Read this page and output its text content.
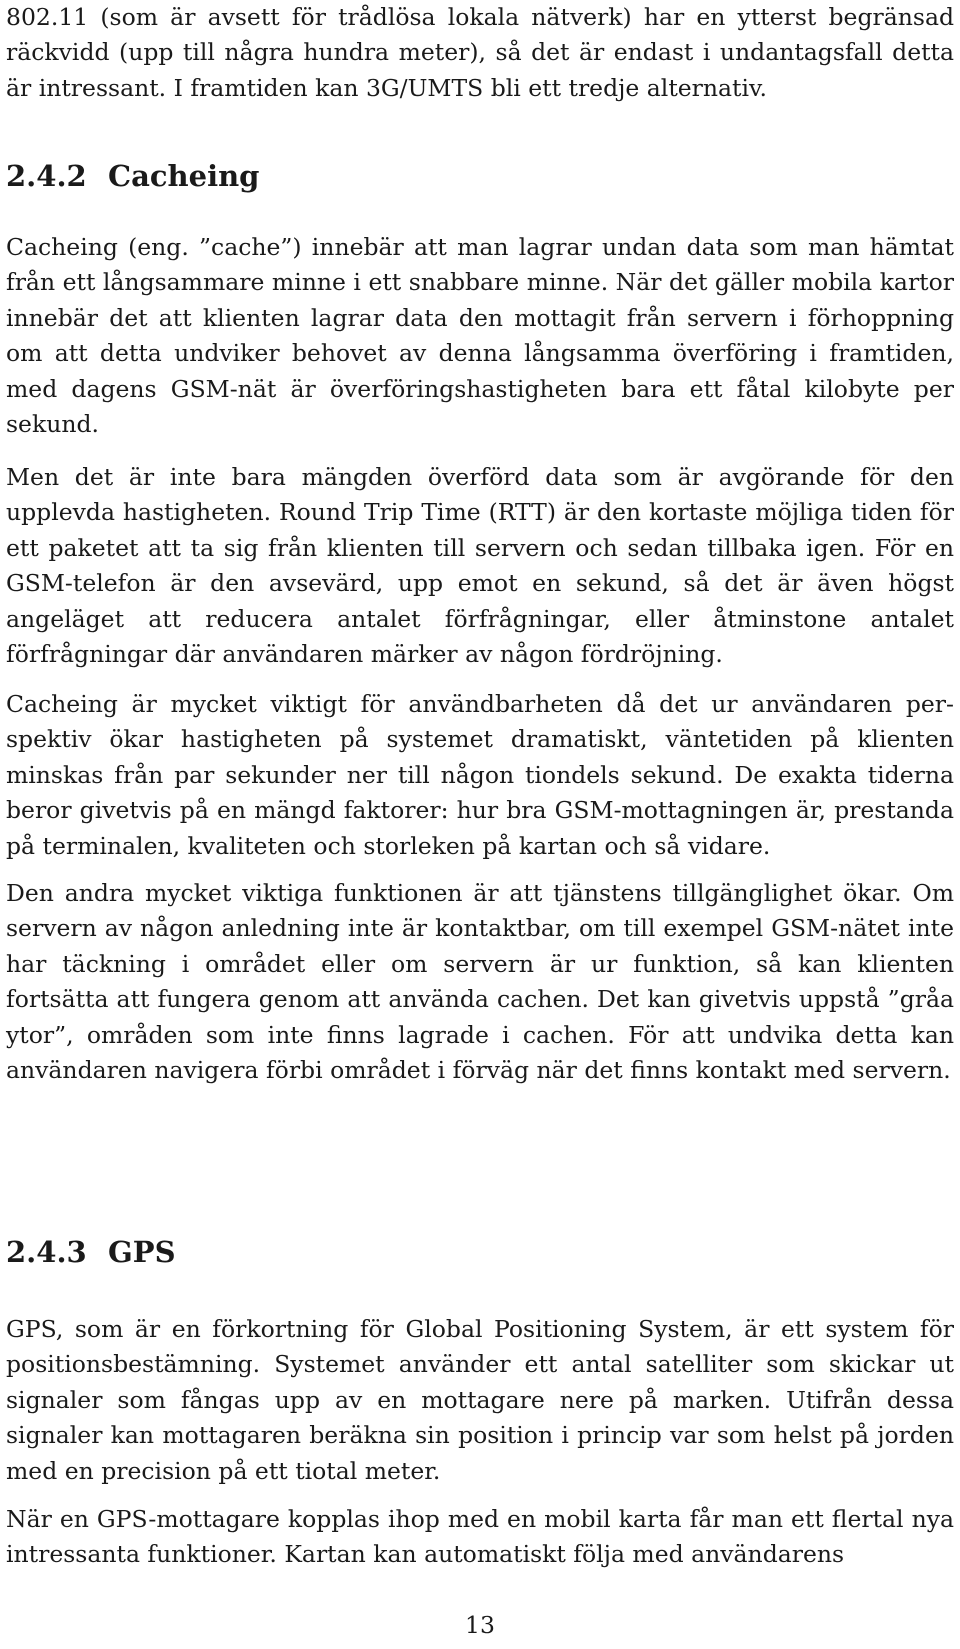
802.11 (som är avsett för trådlösa lokala nätverk) har en ytterst begränsad räckvidd (upp till några hundra meter), så det är endast i undantagsfall detta är intressant. I framtiden kan 3G/UMTS bli ett tredje alternativ.

2.4.2 Cacheing

Cacheing (eng. ”cache”) innebär att man lagrar undan data som man hämtat från ett långsammare minne i ett snabbare minne. När det gäller mobila kartor innebär det att klienten lagrar data den mottagit från servern i förhoppning om att detta undviker behovet av denna långsamma överföring i framtiden, med dagens GSM-nät är överföringshastigheten bara ett fåtal kilobyte per sekund.

Men det är inte bara mängden överförd data som är avgörande för den upplevda hastigheten. Round Trip Time (RTT) är den kortaste möjliga tiden för ett paketet att ta sig från klienten till servern och sedan tillbaka igen. För en GSM-telefon är den avsevärd, upp emot en sekund, så det är även högst angeläget att reducera antalet förfrågningar, eller åtminstone antalet förfrågningar där användaren märker av någon fördröjning.

Cacheing är mycket viktigt för användbarheten då det ur användaren perspektiv ökar hastigheten på systemet dramatiskt, väntetiden på klienten minskas från par sekunder ner till någon tiondels sekund. De exakta tiderna beror givetvis på en mängd faktorer: hur bra GSM-mottagningen är, prestanda på terminalen, kvaliteten och storleken på kartan och så vidare.

Den andra mycket viktiga funktionen är att tjänstens tillgänglighet ökar. Om servern av någon anledning inte är kontaktbar, om till exempel GSM-nätet inte har täckning i området eller om servern är ur funktion, så kan klienten fortsätta att fungera genom att använda cachen. Det kan givetvis uppstå ”gråa ytor”, områden som inte finns lagrade i cachen. För att undvika detta kan användaren navigera förbi området i förväg när det finns kontakt med servern.

2.4.3 GPS

GPS, som är en förkortning för Global Positioning System, är ett system för positionsbestämning. Systemet använder ett antal satelliter som skickar ut signaler som fångas upp av en mottagare nere på marken. Utifrån dessa signaler kan mottagaren beräkna sin position i princip var som helst på jorden med en precision på ett tiotal meter.

När en GPS-mottagare kopplas ihop med en mobil karta får man ett flertal nya intressanta funktioner. Kartan kan automatiskt följa med användarens

13
